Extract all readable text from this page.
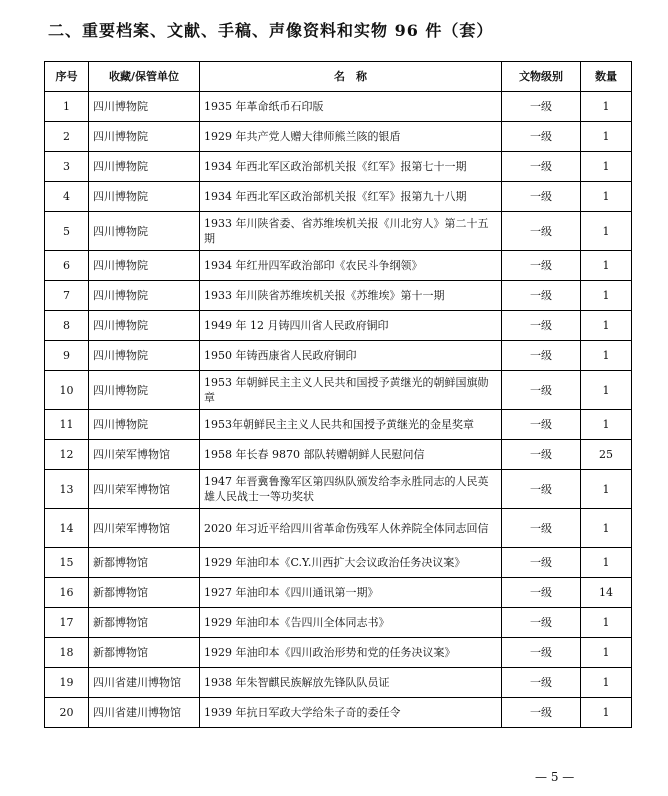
二、重要档案、文献、手稿、声像资料和实物 96 件（套）
序号	收藏/保管单位	名　称	文物级别	数量
1	四川博物院	1935 年革命纸币石印版	一级	1
2	四川博物院	1929 年共产党人赠大律师熊兰陔的银盾	一级	1
3	四川博物院	1934 年西北军区政治部机关报《红军》报第七十一期	一级	1
4	四川博物院	1934 年西北军区政治部机关报《红军》报第九十八期	一级	1
5	四川博物院	1933 年川陕省委、省苏维埃机关报《川北穷人》第二十五期	一级	1
6	四川博物院	1934 年红卅四军政治部印《农民斗争纲领》	一级	1
7	四川博物院	1933 年川陕省苏维埃机关报《苏维埃》第十一期	一级	1
8	四川博物院	1949 年 12 月铸四川省人民政府铜印	一级	1
9	四川博物院	1950 年铸西康省人民政府铜印	一级	1
10	四川博物院	1953 年朝鲜民主主义人民共和国授予黄继光的朝鲜国旗勋章	一级	1
11	四川博物院	1953年朝鲜民主主义人民共和国授予黄继光的金星奖章	一级	1
12	四川荣军博物馆	1958 年长春 9870 部队转赠朝鲜人民慰问信	一级	25
13	四川荣军博物馆	1947 年晋冀鲁豫军区第四纵队颁发给李永胜同志的人民英雄人民战士一等功奖状	一级	1
14	四川荣军博物馆	2020 年习近平给四川省革命伤残军人休养院全体同志回信	一级	1
15	新都博物馆	1929 年油印本《C.Y.川西扩大会议政治任务决议案》	一级	1
16	新都博物馆	1927 年油印本《四川通讯第一期》	一级	14
17	新都博物馆	1929 年油印本《告四川全体同志书》	一级	1
18	新都博物馆	1929 年油印本《四川政治形势和党的任务决议案》	一级	1
19	四川省建川博物馆	1938 年朱智麒民族解放先锋队队员证	一级	1
20	四川省建川博物馆	1939 年抗日军政大学给朱子奇的委任令	一级	1
— 5 —
